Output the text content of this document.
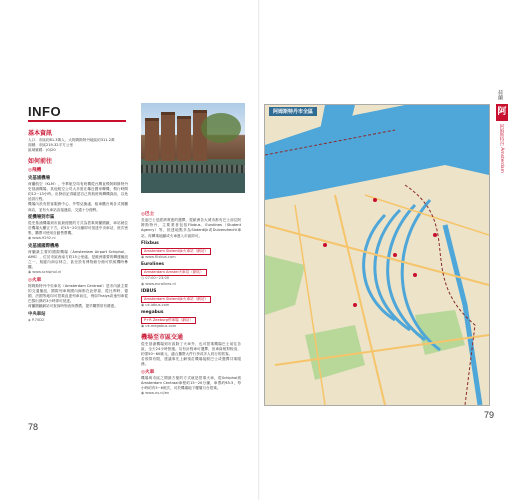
INFO
基本資訊
人口：市區約81.3萬人，大阿姆斯特丹地區約311.2萬
面積：市區219.32平方公里
區域號碼：(0)20
如何前往
◎飛機
史基浦機場
荷蘭航空（KLM）、中華航空均有班機從台灣直飛阿姆斯特丹史基浦機場，其他航空公司大多需在鄰近國家轉機，飛行時間約12~13小時。出發前記得確認自己的航班與轉機資訊，以免延誤行程。
機場內設有旅客服務中心、外幣兌換處、租車櫃台與各式餐廳商店，並有火車站直接連結，交通十分便利。
從機場到市區
從史基浦機場到市區最便捷的方式為搭乘荷蘭國鐵，車站就位於機場大廳正下方，約15~20分鐘即可抵達中央車站，班次密集，購票可使用自動售票機。
◉ www.9292.nl
史基浦國際機場
荷蘭最主要的國際機場（Amsterdam Airport Schiphol，AMS），位於市區西南方約15公里處，是歐洲重要的轉運樞紐之一，航廈內商店林立，甚至設有博物館分館可供候機時參觀。
◉ www.schiphol.nl
◎火車
阿姆斯特丹中央車站（Amsterdam Centraal）是市內最主要的交通樞紐，國際列車與國內線都在此停靠，從比利時、德國、法國等地均可搭乘直達列車前往，例如Thalys高速列車從巴黎出發約3小時即可抵達。
荷蘭國鐵網站可查詢時刻表與票價，提早購票常有優惠。
中央車站
◈ P.70D2
◎巴士
長途巴士是經濟實惠的選擇，從歐洲各大城市都有巴士前往阿姆斯特丹，主要業者包括Flixbus、Eurolines（Student Agency）等，抵達地點多為Sloterdijk或Duivendrecht車站，再轉乘地鐵或火車進入市區即可。
Flixbus
Amsterdam Sloterdijk火車站（網站）
◉ www.flixbus.com
Eurolines
Amsterdam Amstel火車站（網站）
◷ 07:00~23:00
◉ www.eurolines.nl
IDBUS
Amsterdam Sloterdijk火車站（網站）
◉ uk.idbus.com
megabus
P+R Zeeburg停車場（網站）
◉ uk.megabus.com
機場至市區交通
從史基浦機場到市區除了火車外，也可搭乘機場巴士前往各區，全天24小時營運。另有計程車可選擇，但車資相對較高，約需50~60歐元，適合攜帶大件行李或多人同行的旅客。
若預算有限，建議事先上網預訂機場接駁巴士或選擇共乘服務。
◎火車
機場與市區之間最方便的方式就是搭乘火車，從Schiphol到Amsterdam Centraal車程約15~20分鐘，車票約€5.5，每小時約有5~6班次，可於機場地下樓層月台搭乘。
◉ www.ns.nl/en
78
79
阿姆斯特丹市全區
荷蘭
阿
阿姆斯特丹 Amsterdam
